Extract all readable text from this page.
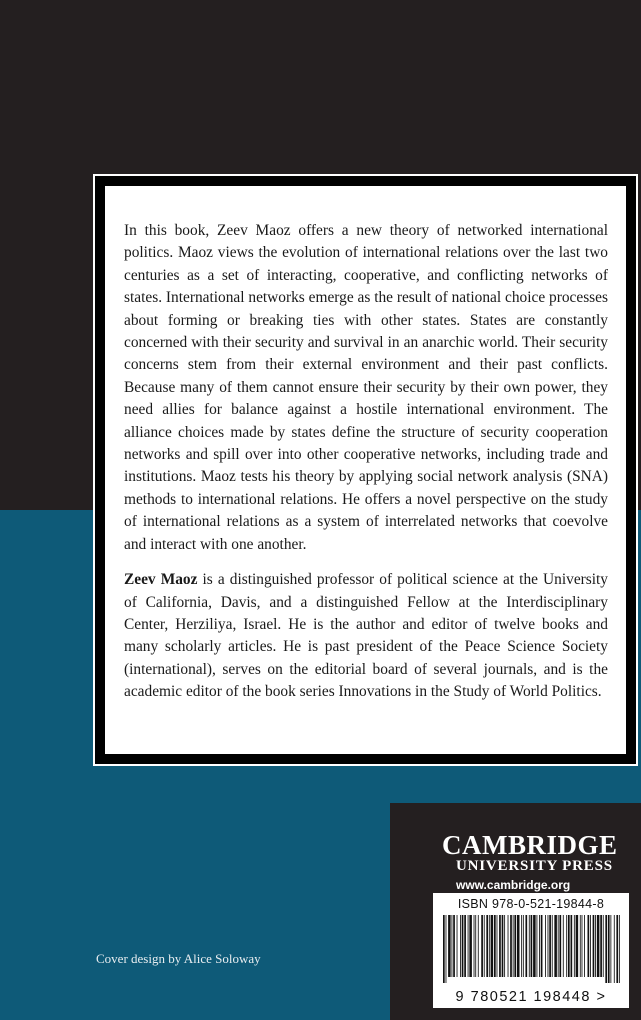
In this book, Zeev Maoz offers a new theory of networked international politics. Maoz views the evolution of international relations over the last two centuries as a set of interacting, cooperative, and conflicting networks of states. International networks emerge as the result of national choice processes about forming or breaking ties with other states. States are constantly concerned with their security and survival in an anarchic world. Their security concerns stem from their external environment and their past conflicts. Because many of them cannot ensure their security by their own power, they need allies for balance against a hostile international environment. The alliance choices made by states define the structure of security cooperation networks and spill over into other cooperative networks, including trade and institutions. Maoz tests his theory by applying social network analysis (SNA) methods to international relations. He offers a novel perspective on the study of international relations as a system of interrelated networks that coevolve and interact with one another.

Zeev Maoz is a distinguished professor of political science at the University of California, Davis, and a distinguished Fellow at the Interdisciplinary Center, Herziliya, Israel. He is the author and editor of twelve books and many scholarly articles. He is past president of the Peace Science Society (international), serves on the editorial board of several journals, and is the academic editor of the book series Innovations in the Study of World Politics.

Cover design by Alice Soloway
CAMBRIDGE
UNIVERSITY PRESS
www.cambridge.org
ISBN 978-0-521-19844-8
9 780521 198448 >
